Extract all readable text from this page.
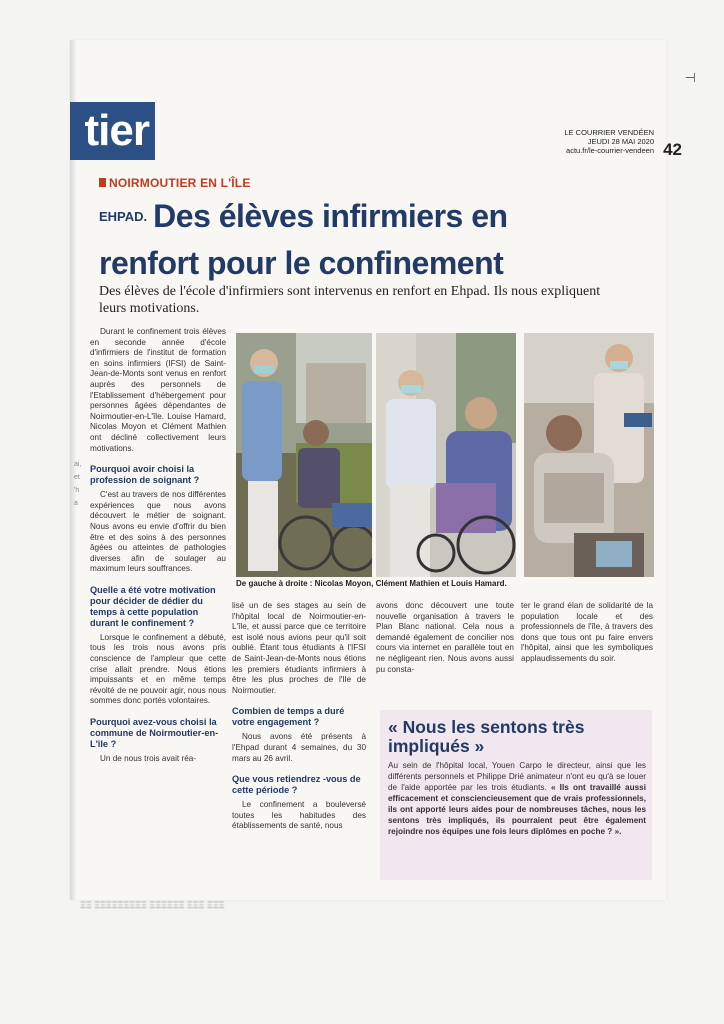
⊣
tier	LE COURRIER VENDÉEN
JEUDI 28 MAI 2020
actu.fr/le-courrier-vendeen 42
NOIRMOUTIER EN L'ÎLE
$^{EHPAD.}$ Des élèves infirmiers en
renfort pour le confinement
Des élèves de l'école d'infirmiers sont intervenus en renfort en Ehpad. Ils nous expliquent leurs motivations.
ai,
et
'h
a

Durant le confinement trois élèves en seconde année d'école d'infirmiers de l'institut de formation en soins infirmiers (IFSI) de Saint-Jean-de-Monts sont venus en renfort auprès des personnels de l'Etablissement d'hébergement pour personnes âgées dépendantes de Noirmoutier-en-L'île. Louise Hamard, Nicolas Moyon et Clément Mathien ont décliné collectivement leurs motivations.

Pourquoi avoir choisi la profession de soignant ?

C'est au travers de nos différentes expériences que nous avons découvert le métier de soignant. Nous avons eu envie d'offrir du bien être et des soins à des personnes âgées ou atteintes de pathologies diverses afin de soulager au maximum leurs souffrances.

Quelle a été votre motivation pour décider de dédier du temps à cette population durant le confinement ?

Lorsque le confinement a débuté, tous les trois nous avons pris conscience de l'ampleur que cette crise allait prendre. Nous étions impuissants et en même temps révolté de ne pouvoir agir, nous nous sommes donc portés volontaires.

Pourquoi avez-vous choisi la commune de Noirmoutier-en-L'île ?

Un de nous trois avait réa-

De gauche à droite : Nicolas Moyon, Clément Mathien et Louis Hamard.

lisé un de ses stages au sein de l'hôpital local de Noirmoutier-en-L'île, et aussi parce que ce territoire est isolé nous avions peur qu'il soit oublié. Étant tous étudiants à l'IFSI de Saint-Jean-de-Monts nous étions les premiers étudiants infirmiers à être les plus proches de l'Ile de Noirmoutier.

Combien de temps a duré votre engagement ?

Nous avons été présents à l'Ehpad durant 4 semaines, du 30 mars au 26 avril.

Que vous retiendrez -vous de cette période ?

Le confinement a bouleversé toutes les habitudes des établissements de santé, nous

avons donc découvert une toute nouvelle organisation à travers le Plan Blanc national. Cela nous a demandé également de concilier nos cours via internet en parallèle tout en ne négligeant rien. Nous avons aussi pu consta-

ter le grand élan de solidarité de la population locale et des professionnels de l'île, à travers des dons que tous ont pu faire envers l'hôpital, ainsi que les symboliques applaudissements du soir.

« Nous les sentons très impliqués »
Au sein de l'hôpital local, Youen Carpo le directeur, ainsi que les différents personnels et Philippe Drié animateur n'ont eu qu'à se louer de l'aide apportée par les trois étudiants. « Ils ont travaillé aussi efficacement et consciencieusement que de vrais professionnels, ils ont apporté leurs aides pour de nombreuses tâches, nous les sentons très impliqués, ils pourraient peut être également rejoindre nos équipes une fois leurs diplômes en poche ? ».
ΞΞ ΞΞΞΞΞΞΞΞΞ ΞΞΞΞΞΞ ΞΞΞ ΞΞΞ
